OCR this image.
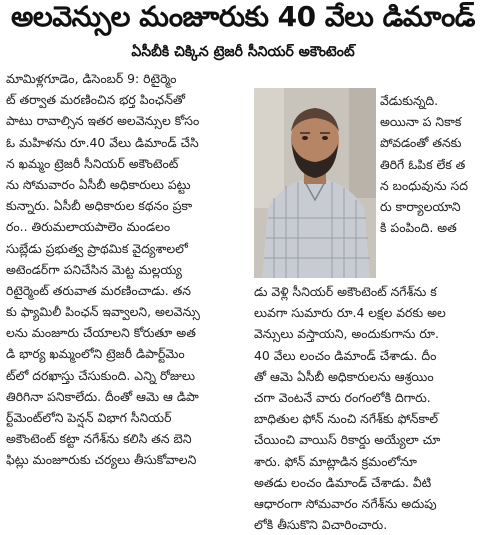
అలవెన్సుల మంజూరుకు 40 వేలు డిమాండ్
ఏసీబీకి చిక్కిన ట్రెజరీ సీనియర్ అకౌంటెంట్
మామిళ్లగూడెం, డిసెంబర్ 9: రిటైర్మెం
ట్ తర్వాత మరణించిన భర్త పింఛన్‌తో
పాటు రావాల్సిన ఇతర అలవెన్సుల కోసం
ఓ మహిళను రూ.40 వేలు డిమాండ్ చేసి
న ఖమ్మం ట్రెజరీ సీనియర్ అకౌంటెంట్
ను సోమవారం ఏసీబీ అధికారులు పట్టు
కున్నారు. ఏసీబీ అధికారుల కథనం ప్రకా
రం.. తిరుమలాయపాలెం మండలం
సుబ్లేడు ప్రభుత్వ ప్రాథమిక వైద్యశాలలో
అటెండర్‌గా పనిచేసిన మెట్ట మల్లయ్య
రిటైర్మెంట్ తరువాత మరణించాడు. తన
కు ఫ్యామిలీ పింఛన్ ఇవ్వాలని, అలవెన్సు
లను మంజూరు చేయాలని కోరుతూ అత
డి భార్య ఖమ్మంలోని ట్రెజరీ డిపార్ట్‌మెం
ట్‌లో దరఖాస్తు చేసుకుంది. ఎన్ని రోజులు
తిరిగినా పనికాలేదు. దీంతో ఆమె ఆ డిపా
ర్ట్‌మెంట్‌లోని పెన్షన్ విభాగ సీనియర్
అకౌంటెంట్ కట్టా నగేశ్‌ను కలిసి తన బెని
ఫిట్లు మంజూరుకు చర్యలు తీసుకోవాలని
వేడుకున్నది.
అయినా ప నికాక
పోవడంతో తనకు
తిరిగే ఓపిక లేక త
న బంధువును సద
రు కార్యాలయాని
కి పంపింది. అత
డు వెళ్లి సీనియర్ అకౌంటెంట్ నగేశ్‌ను క
లువగా సుమారు రూ.4 లక్షల వరకు అల
వెన్సులు వస్తాయని, అందుకుగాను రూ.
40 వేలు లంచం డిమాండ్ చేశాడు. దీం
తో ఆమె ఏసీబీ అధికారులను ఆశ్రయిం
చగా వెంటనే వారు రంగంలోకి దిగారు.
బాధితుల ఫోన్ నుంచి నగేశ్‌కు ఫోన్‌కాల్
చేయించి వాయిస్ రికార్డు అయ్యేలా చూ
శారు. ఫోన్ మాట్లాడిన క్రమంలోనూ
అతడు లంచం డిమాండ్ చేశాడు. వీటి
ఆధారంగా సోమవారం నగేశ్‌ను అదుపు
లోకి తీసుకొని విచారించారు.
